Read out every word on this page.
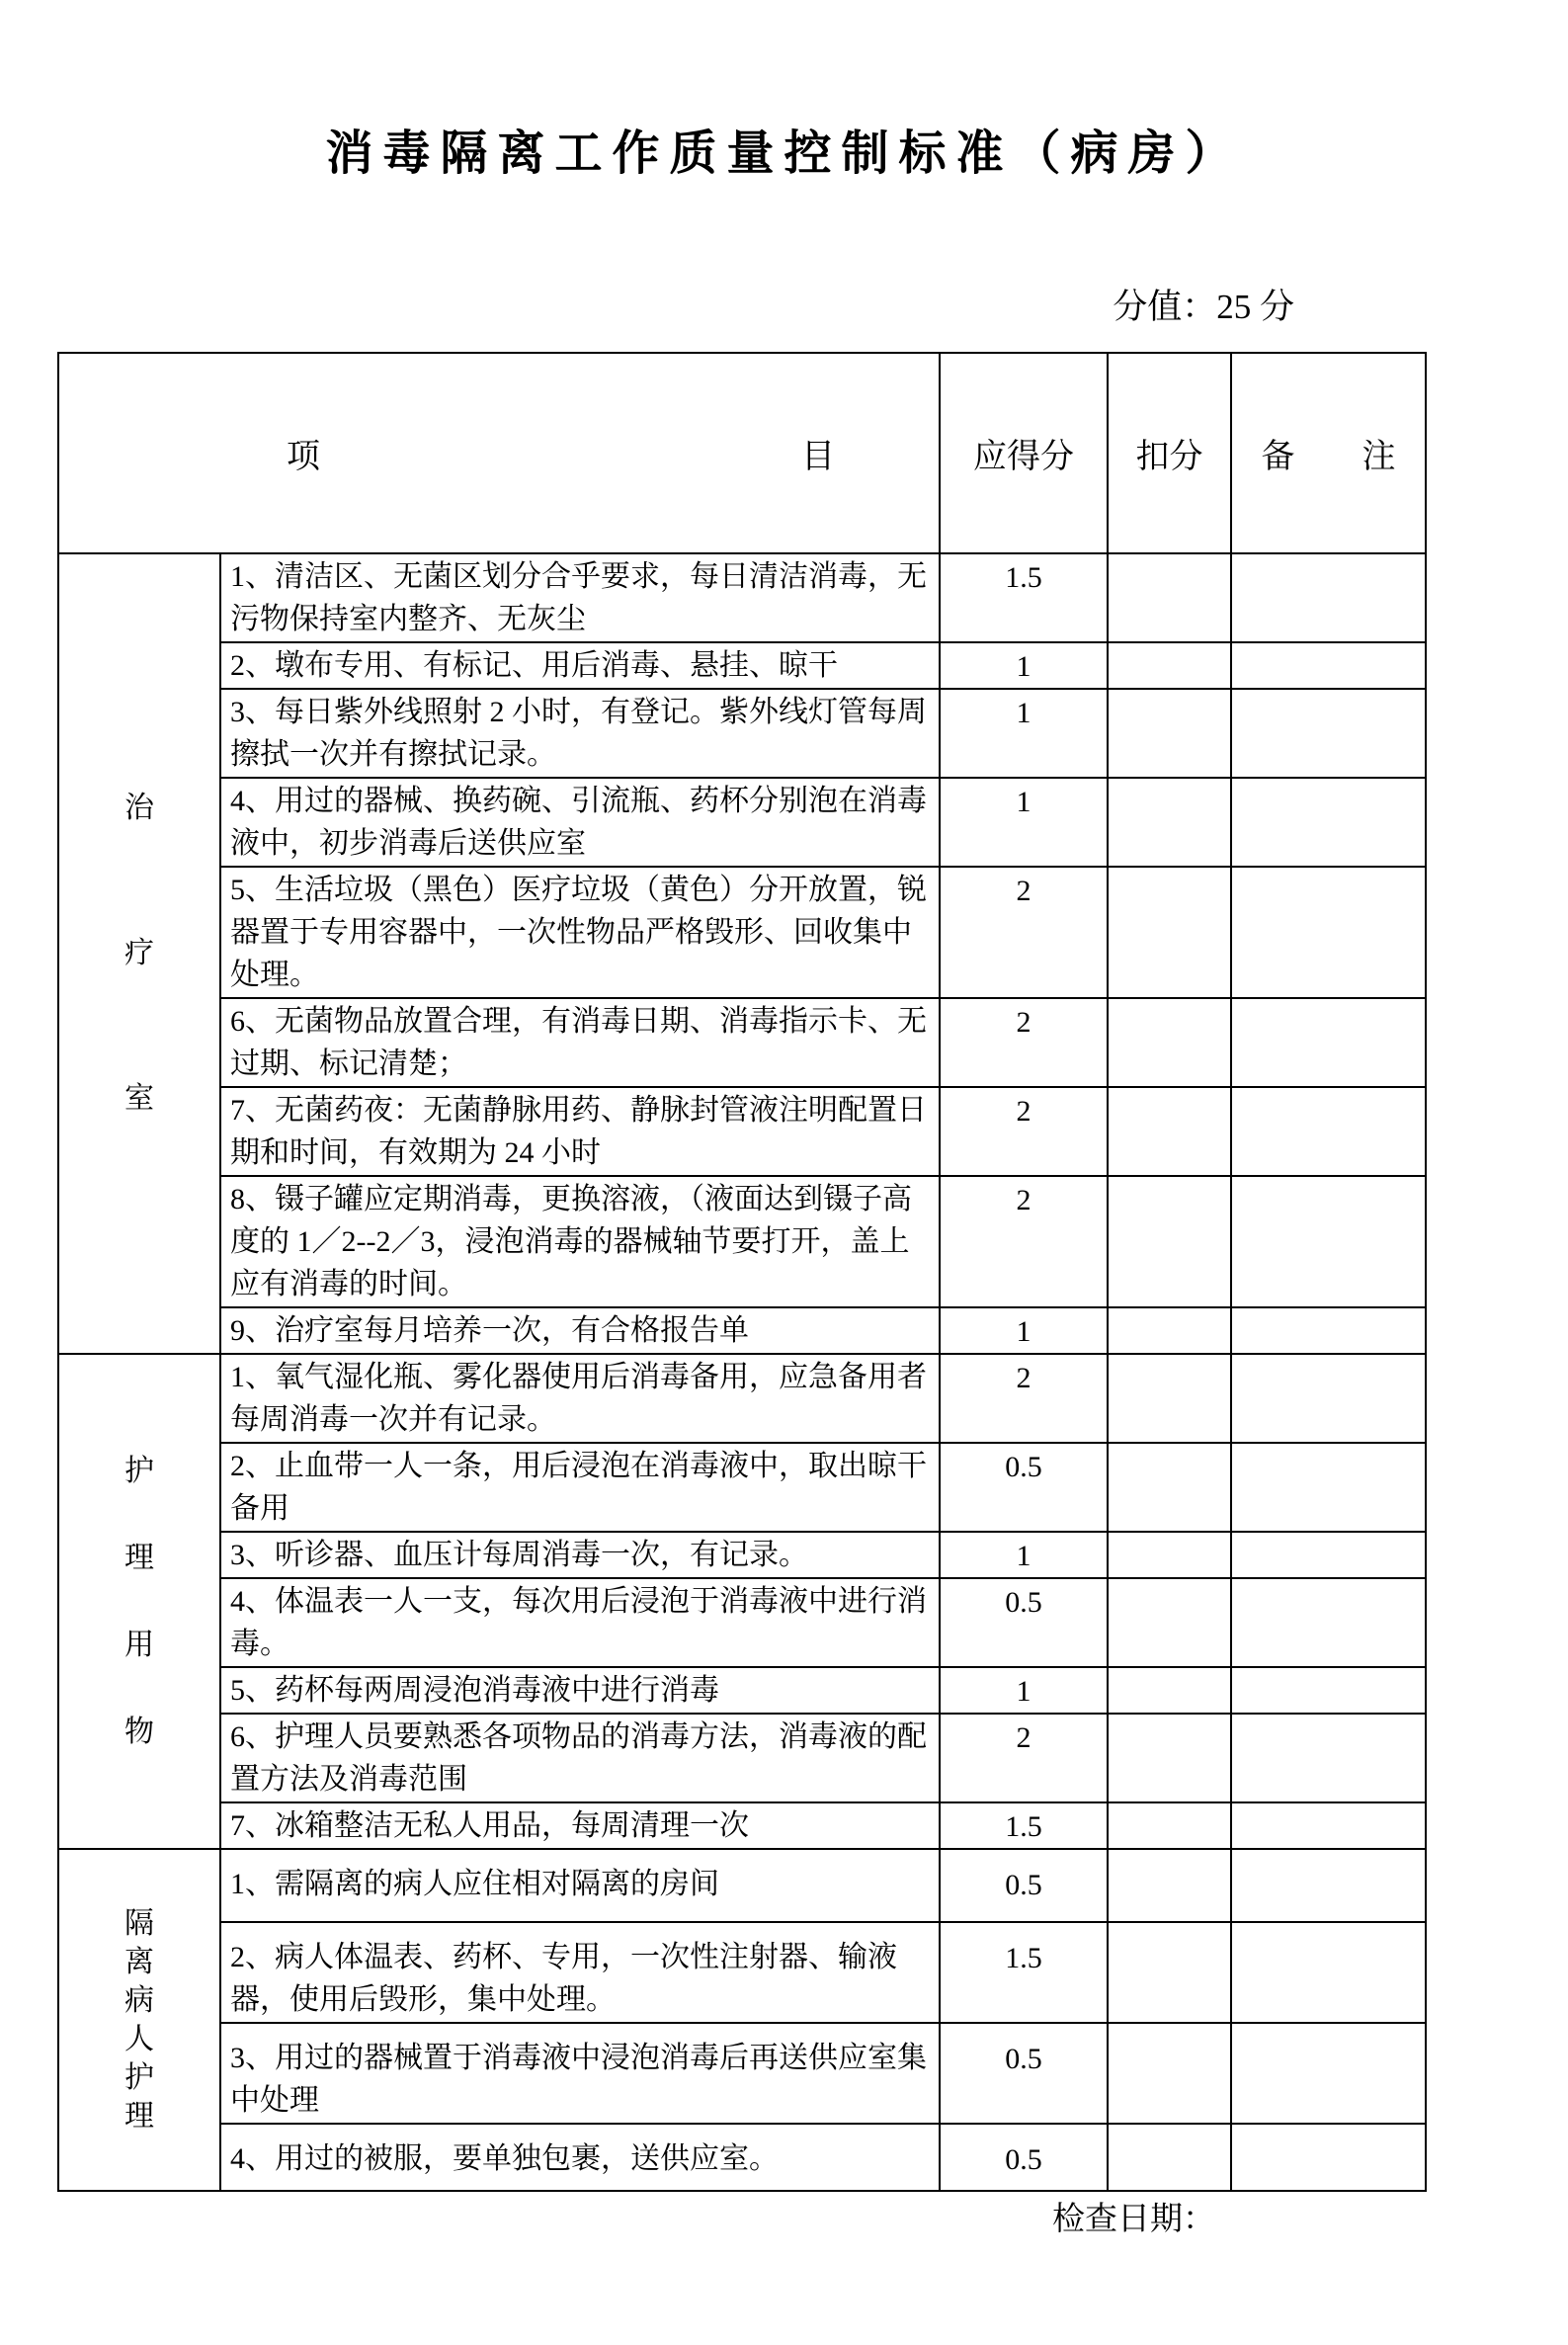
消毒隔离工作质量控制标准（病房）
分值：25 分

项 目		应得分	扣分	备　　注

治
疗
室	1、清洁区、无菌区划分合乎要求，每日清洁消毒，无污物保持室内整齐、无灰尘	1.5		
	2、墩布专用、有标记、用后消毒、悬挂、晾干	1		
	3、每日紫外线照射 2 小时，有登记。紫外线灯管每周擦拭一次并有擦拭记录。	1		
	4、用过的器械、换药碗、引流瓶、药杯分别泡在消毒液中，初步消毒后送供应室	1		
	5、生活垃圾（黑色）医疗垃圾（黄色）分开放置，锐器置于专用容器中，一次性物品严格毁形、回收集中处理。	2		
	6、无菌物品放置合理，有消毒日期、消毒指示卡、无过期、标记清楚；	2		
	7、无菌药夜：无菌静脉用药、静脉封管液注明配置日期和时间，有效期为 24 小时	2		
	8、镊子罐应定期消毒，更换溶液，（液面达到镊子高度的 1／2--2／3，浸泡消毒的器械轴节要打开，盖上应有消毒的时间。	2		
	9、治疗室每月培养一次，有合格报告单	1		

护
理
用
物	1、氧气湿化瓶、雾化器使用后消毒备用，应急备用者每周消毒一次并有记录。	2		
	2、止血带一人一条，用后浸泡在消毒液中，取出晾干备用	0.5		
	3、听诊器、血压计每周消毒一次，有记录。	1		
	4、体温表一人一支，每次用后浸泡于消毒液中进行消毒。	0.5		
	5、药杯每两周浸泡消毒液中进行消毒	1		
	6、护理人员要熟悉各项物品的消毒方法，消毒液的配置方法及消毒范围	2		
	7、冰箱整洁无私人用品，每周清理一次	1.5		

隔
离
病
人
护
理
	1、需隔离的病人应住相对隔离的房间	0.5		
	2、病人体温表、药杯、专用，一次性注射器、输液器，使用后毁形，集中处理。	1.5		
	3、用过的器械置于消毒液中浸泡消毒后再送供应室集中处理	0.5		
	4、用过的被服，要单独包裹，送供应室。	0.5		
检查日期：
